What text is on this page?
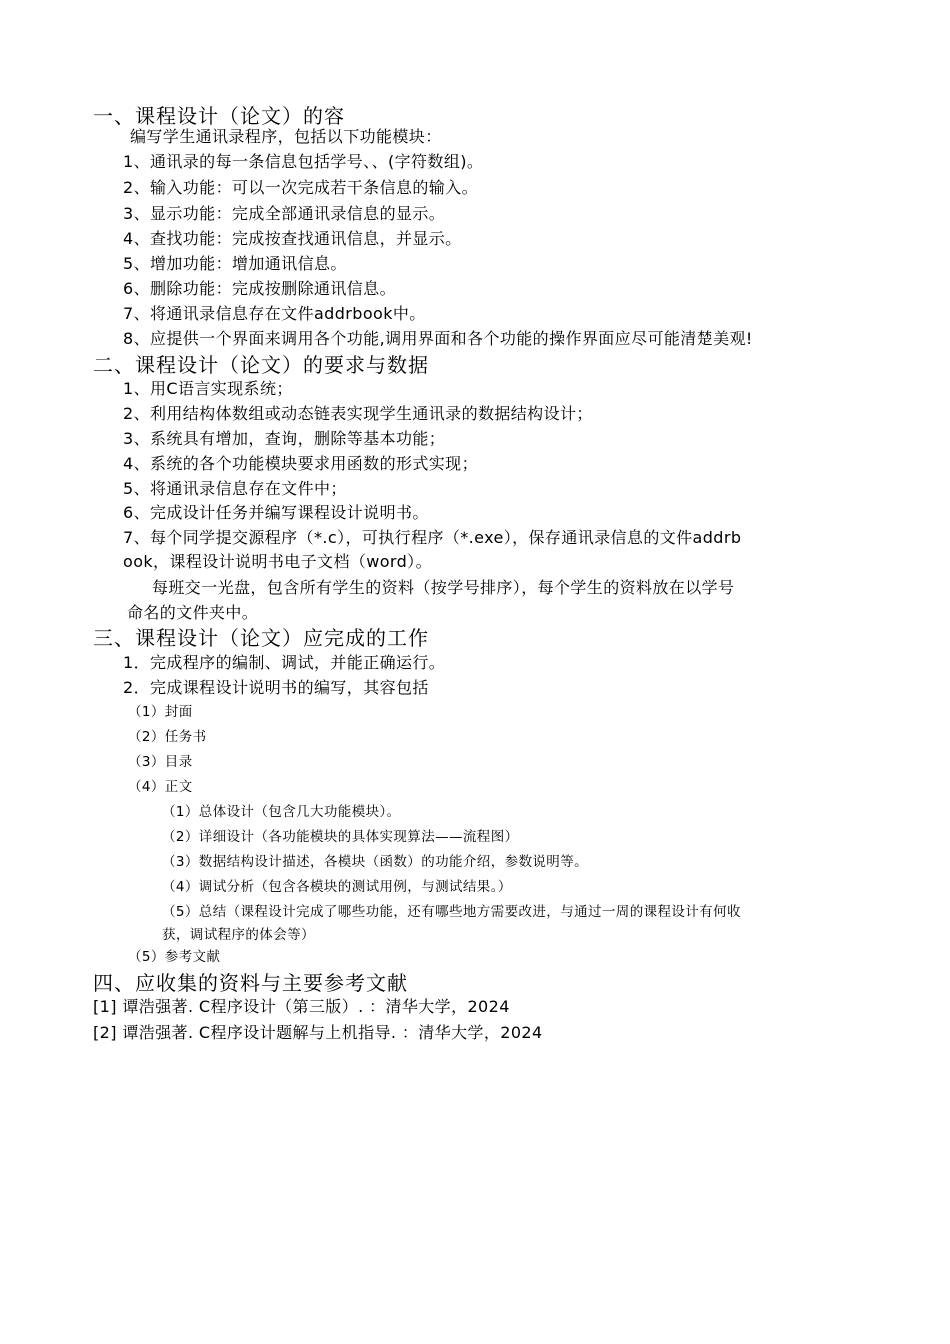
一、课程设计（论文）的容
编写学生通讯录程序，包括以下功能模块：
1、通讯录的每一条信息包括学号、、(字符数组)。
2、输入功能：可以一次完成若干条信息的输入。
3、显示功能：完成全部通讯录信息的显示。
4、查找功能：完成按查找通讯信息，并显示。
5、增加功能：增加通讯信息。
6、删除功能：完成按删除通讯信息。
7、将通讯录信息存在文件addrbook中。
8、应提供一个界面来调用各个功能,调用界面和各个功能的操作界面应尽可能清楚美观!
二、课程设计（论文）的要求与数据
1、用C语言实现系统；
2、利用结构体数组或动态链表实现学生通讯录的数据结构设计；
3、系统具有增加，查询，删除等基本功能；
4、系统的各个功能模块要求用函数的形式实现；
5、将通讯录信息存在文件中；
6、完成设计任务并编写课程设计说明书。
7、每个同学提交源程序（*.c），可执行程序（*.exe），保存通讯录信息的文件addrb
ook，课程设计说明书电子文档（word）。
每班交一光盘，包含所有学生的资料（按学号排序），每个学生的资料放在以学号
命名的文件夹中。
三、课程设计（论文）应完成的工作
1．完成程序的编制、调试，并能正确运行。
2．完成课程设计说明书的编写，其容包括
（1）封面
（2）任务书
（3）目录
（4）正文
（1）总体设计（包含几大功能模块）。
（2）详细设计（各功能模块的具体实现算法——流程图）
（3）数据结构设计描述，各模块（函数）的功能介绍，参数说明等。
（4）调试分析（包含各模块的测试用例，与测试结果。）
（5）总结（课程设计完成了哪些功能，还有哪些地方需要改进，与通过一周的课程设计有何收
获，调试程序的体会等）
（5）参考文献
四、应收集的资料与主要参考文献
[1] 谭浩强著. C程序设计（第三版）. ：清华大学，2024
[2] 谭浩强著. C程序设计题解与上机指导. ：清华大学，2024
